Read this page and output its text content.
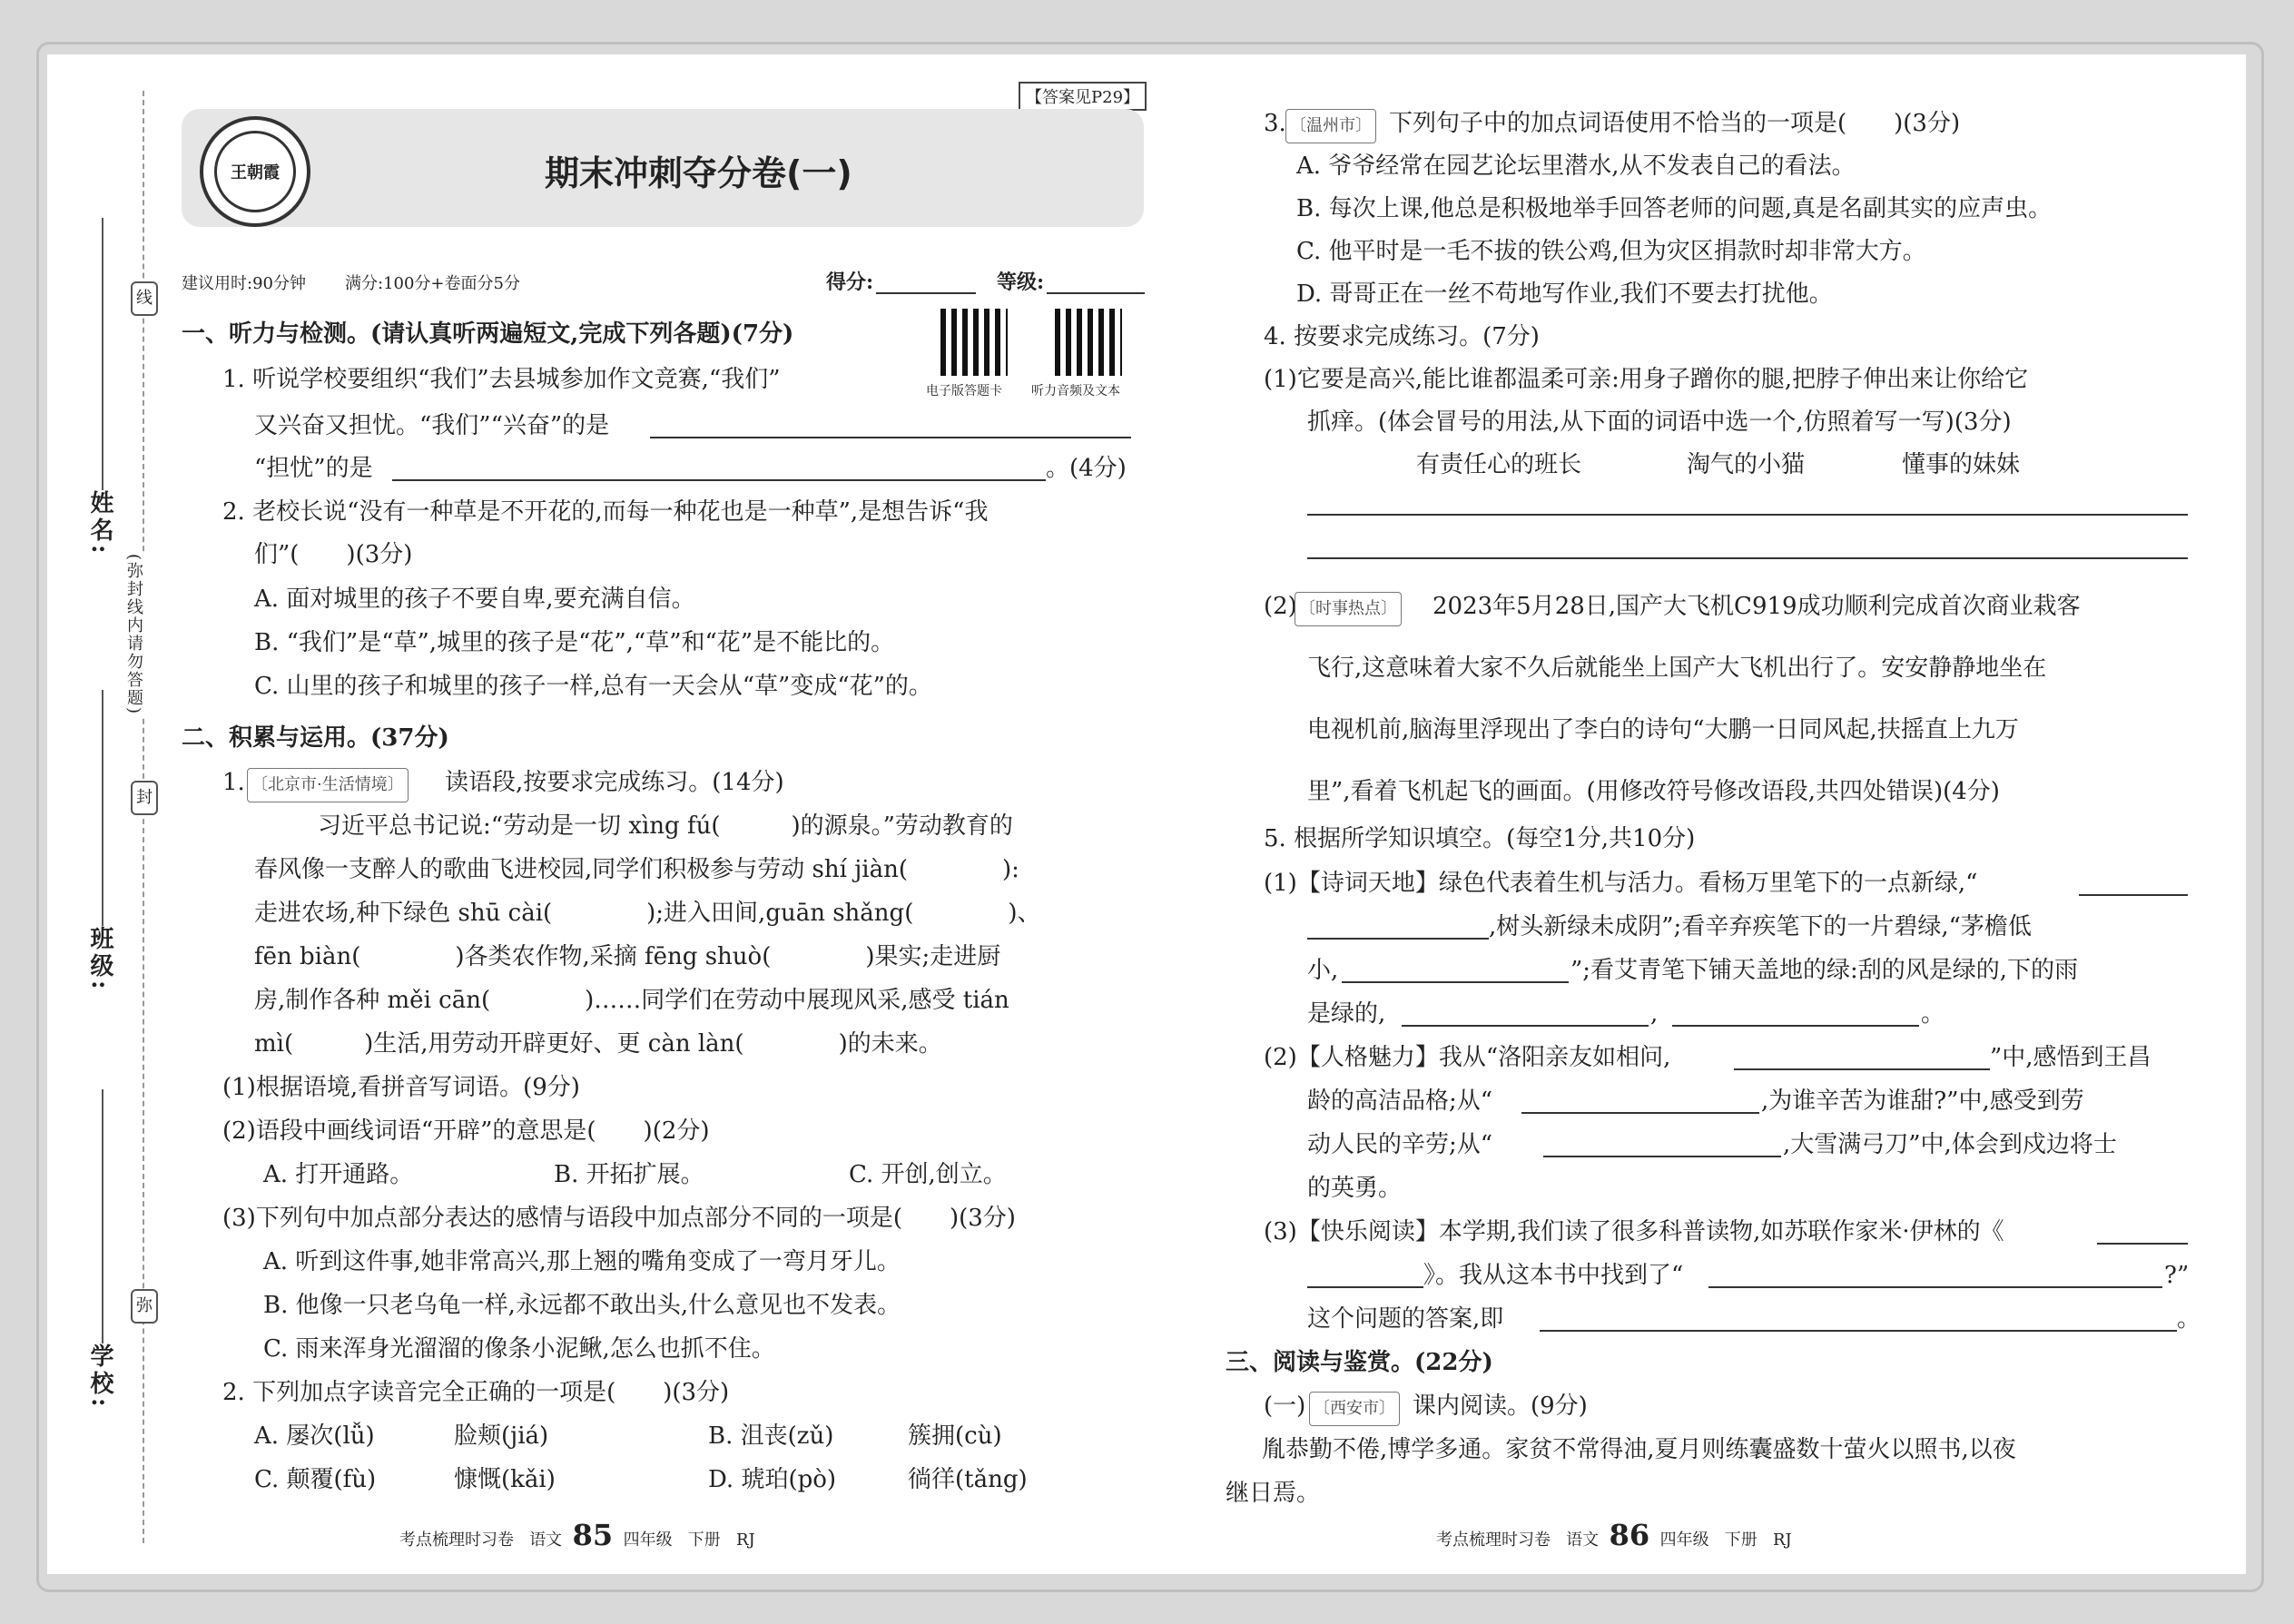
姓名:
班级:
学校:
线
封
弥
(弥封线内请勿答题)
【答案见P29】
王朝霞	期末冲刺夺分卷(一)
建议用时:90分钟 满分:100分+卷面分5分	得分:	等级:
电子版答题卡 听力音频及文本
一、听力与检测。(请认真听两遍短文,完成下列各题)(7分)
1. 听说学校要组织“我们”去县城参加作文竞赛,“我们”
又兴奋又担忧。“我们”“兴奋”的是
“担忧”的是	。(4分)
2. 老校长说“没有一种草是不开花的,而每一种花也是一种草”,是想告诉“我
们”(　　)(3分)
A. 面对城里的孩子不要自卑,要充满自信。
B. “我们”是“草”,城里的孩子是“花”,“草”和“花”是不能比的。
C. 山里的孩子和城里的孩子一样,总有一天会从“草”变成“花”的。
二、积累与运用。(37分)
1. 〔北京市·生活情境〕 读语段,按要求完成练习。(14分)
习近平总书记说:“劳动是一切 xìng fú(　　　)的源泉。”劳动教育的
春风像一支醉人的歌曲飞进校园,同学们积极参与劳动 shí jiàn(　　　　):
走进农场,种下绿色 shū cài(　　　　);进入田间,guān shǎng(　　　　)、
fēn biàn(　　　　)各类农作物,采摘 fēng shuò(　　　　)果实;走进厨
房,制作各种 měi cān(　　　　)……同学们在劳动中展现风采,感受 tián
mì(　　　)生活,用劳动开辟更好、更 càn làn(　　　　)的未来。
(1)根据语境,看拼音写词语。(9分)
(2)语段中画线词语“开辟”的意思是(　　)(2分)
A. 打开通路。	B. 开拓扩展。	C. 开创,创立。
(3)下列句中加点部分表达的感情与语段中加点部分不同的一项是(　　)(3分)
A. 听到这件事,她非常高兴,那上翘的嘴角变成了一弯月牙儿。
B. 他像一只老乌龟一样,永远都不敢出头,什么意见也不发表。
C. 雨来浑身光溜溜的像条小泥鳅,怎么也抓不住。
2. 下列加点字读音完全正确的一项是(　　)(3分)
A. 屡次(lǚ)	脸颊(jiá)	B. 沮丧(zǔ)	簇拥(cù)
C. 颠覆(fù)	慷慨(kǎi)	D. 琥珀(pò)	徜徉(tǎng)
考点梳理时习卷 语文 85 四年级 下册 RJ
3. 〔温州市〕 下列句子中的加点词语使用不恰当的一项是(　　)(3分)
A. 爷爷经常在园艺论坛里潜水,从不发表自己的看法。
B. 每次上课,他总是积极地举手回答老师的问题,真是名副其实的应声虫。
C. 他平时是一毛不拔的铁公鸡,但为灾区捐款时却非常大方。
D. 哥哥正在一丝不苟地写作业,我们不要去打扰他。
4. 按要求完成练习。(7分)
(1)它要是高兴,能比谁都温柔可亲:用身子蹭你的腿,把脖子伸出来让你给它
抓痒。(体会冒号的用法,从下面的词语中选一个,仿照着写一写)(3分)
有责任心的班长	淘气的小猫	懂事的妹妹
(2) 〔时事热点〕 2023年5月28日,国产大飞机C919成功顺利完成首次商业栽客
飞行,这意味着大家不久后就能坐上国产大飞机出行了。安安静静地坐在
电视机前,脑海里浮现出了李白的诗句“大鹏一日同风起,扶摇直上九万
里”,看着飞机起飞的画面。(用修改符号修改语段,共四处错误)(4分)
5. 根据所学知识填空。(每空1分,共10分)
(1)【诗词天地】绿色代表着生机与活力。看杨万里笔下的一点新绿,“
,树头新绿未成阴”;看辛弃疾笔下的一片碧绿,“茅檐低
小,	”;看艾青笔下铺天盖地的绿:刮的风是绿的,下的雨
是绿的,	,	。
(2)【人格魅力】我从“洛阳亲友如相问,	”中,感悟到王昌
龄的高洁品格;从“	,为谁辛苦为谁甜?”中,感受到劳
动人民的辛劳;从“	,大雪满弓刀”中,体会到戍边将士
的英勇。
(3)【快乐阅读】本学期,我们读了很多科普读物,如苏联作家米·伊林的《
》。我从这本书中找到了“	?”
这个问题的答案,即	。
三、阅读与鉴赏。(22分)
(一) 〔西安市〕 课内阅读。(9分)
胤恭勤不倦,博学多通。家贫不常得油,夏月则练囊盛数十萤火以照书,以夜
继日焉。
考点梳理时习卷 语文 86 四年级 下册 RJ
